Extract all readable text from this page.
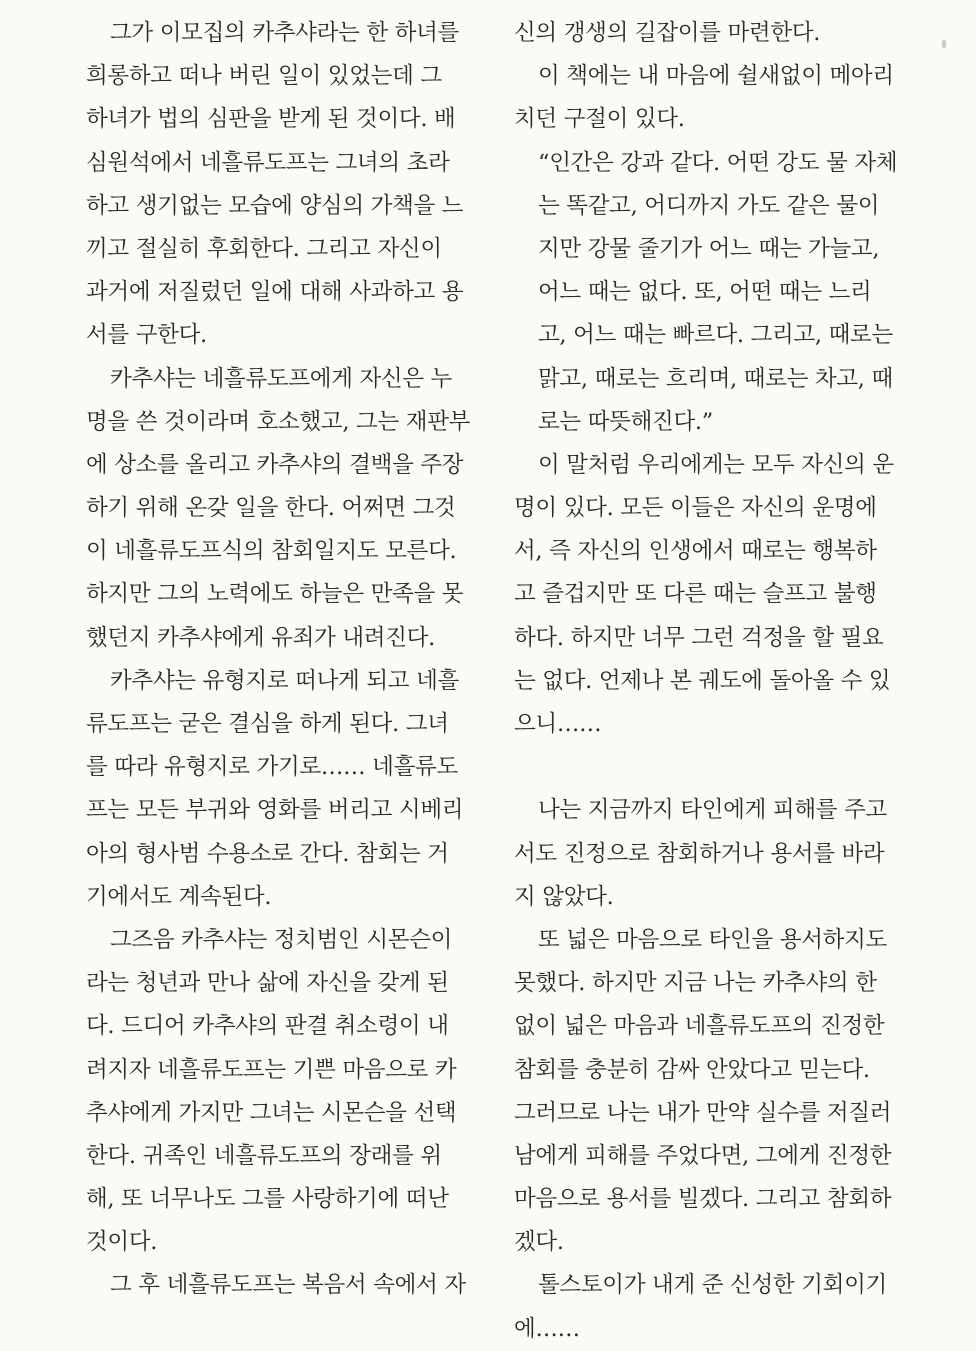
그가 이모집의 카추샤라는 한 하녀를
희롱하고 떠나 버린 일이 있었는데 그
하녀가 법의 심판을 받게 된 것이다. 배
심원석에서 네흘류도프는 그녀의 초라
하고 생기없는 모습에 양심의 가책을 느
끼고 절실히 후회한다. 그리고 자신이
과거에 저질렀던 일에 대해 사과하고 용
서를 구한다.
카추샤는 네흘류도프에게 자신은 누
명을 쓴 것이라며 호소했고, 그는 재판부
에 상소를 올리고 카추샤의 결백을 주장
하기 위해 온갖 일을 한다. 어쩌면 그것
이 네흘류도프식의 참회일지도 모른다.
하지만 그의 노력에도 하늘은 만족을 못
했던지 카추샤에게 유죄가 내려진다.
카추샤는 유형지로 떠나게 되고 네흘
류도프는 굳은 결심을 하게 된다. 그녀
를 따라 유형지로 가기로…… 네흘류도
프는 모든 부귀와 영화를 버리고 시베리
아의 형사범 수용소로 간다. 참회는 거
기에서도 계속된다.
그즈음 카추샤는 정치범인 시몬슨이
라는 청년과 만나 삶에 자신을 갖게 된
다. 드디어 카추샤의 판결 취소령이 내
려지자 네흘류도프는 기쁜 마음으로 카
추샤에게 가지만 그녀는 시몬슨을 선택
한다. 귀족인 네흘류도프의 장래를 위
해, 또 너무나도 그를 사랑하기에 떠난
것이다.
그 후 네흘류도프는 복음서 속에서 자
신의 갱생의 길잡이를 마련한다.
이 책에는 내 마음에 쉴새없이 메아리
치던 구절이 있다.
“인간은 강과 같다. 어떤 강도 물 자체
는 똑같고, 어디까지 가도 같은 물이
지만 강물 줄기가 어느 때는 가늘고,
어느 때는 없다. 또, 어떤 때는 느리
고, 어느 때는 빠르다. 그리고, 때로는
맑고, 때로는 흐리며, 때로는 차고, 때
로는 따뜻해진다.”
이 말처럼 우리에게는 모두 자신의 운
명이 있다. 모든 이들은 자신의 운명에
서, 즉 자신의 인생에서 때로는 행복하
고 즐겁지만 또 다른 때는 슬프고 불행
하다. 하지만 너무 그런 걱정을 할 필요
는 없다. 언제나 본 궤도에 돌아올 수 있
으니……
나는 지금까지 타인에게 피해를 주고
서도 진정으로 참회하거나 용서를 바라
지 않았다.
또 넓은 마음으로 타인을 용서하지도
못했다. 하지만 지금 나는 카추샤의 한
없이 넓은 마음과 네흘류도프의 진정한
참회를 충분히 감싸 안았다고 믿는다.
그러므로 나는 내가 만약 실수를 저질러
남에게 피해를 주었다면, 그에게 진정한
마음으로 용서를 빌겠다. 그리고 참회하
겠다.
톨스토이가 내게 준 신성한 기회이기
에……
